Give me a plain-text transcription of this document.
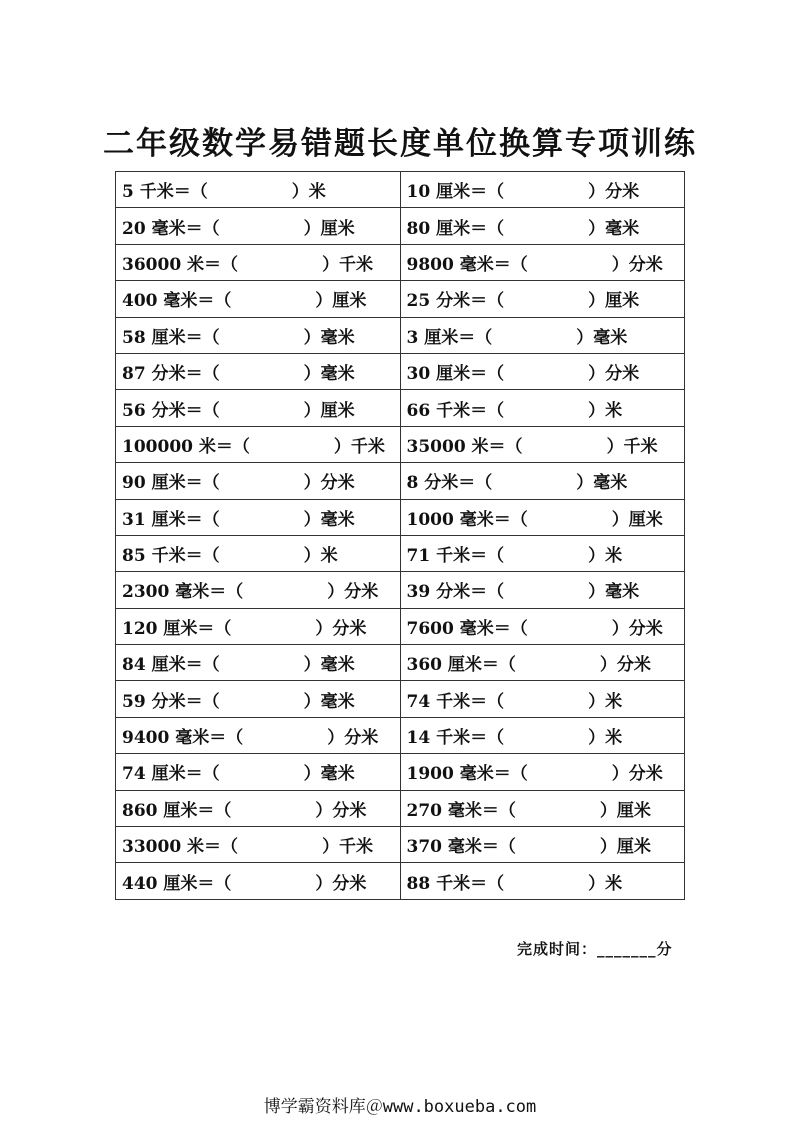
二年级数学易错题长度单位换算专项训练
5 千米＝（ ）米	10 厘米＝（ ）分米

20 毫米＝（ ）厘米	80 厘米＝（ ）毫米

36000 米＝（ ）千米	9800 毫米＝（ ）分米

400 毫米＝（ ）厘米	25 分米＝（ ）厘米

58 厘米＝（ ）毫米	3 厘米＝（ ）毫米

87 分米＝（ ）毫米	30 厘米＝（ ）分米

56 分米＝（ ）厘米	66 千米＝（ ）米

100000 米＝（ ）千米	35000 米＝（ ）千米

90 厘米＝（ ）分米	8 分米＝（ ）毫米

31 厘米＝（ ）毫米	1000 毫米＝（ ）厘米

85 千米＝（ ）米	71 千米＝（ ）米

2300 毫米＝（ ）分米	39 分米＝（ ）毫米

120 厘米＝（ ）分米	7600 毫米＝（ ）分米

84 厘米＝（ ）毫米	360 厘米＝（ ）分米

59 分米＝（ ）毫米	74 千米＝（ ）米

9400 毫米＝（ ）分米	14 千米＝（ ）米

74 厘米＝（ ）毫米	1900 毫米＝（ ）分米

860 厘米＝（ ）分米	270 毫米＝（ ）厘米

33000 米＝（ ）千米	370 毫米＝（ ）厘米

440 厘米＝（ ）分米	88 千米＝（ ）米
完成时间：_______分
博学霸资料库＠www.boxueba.com
